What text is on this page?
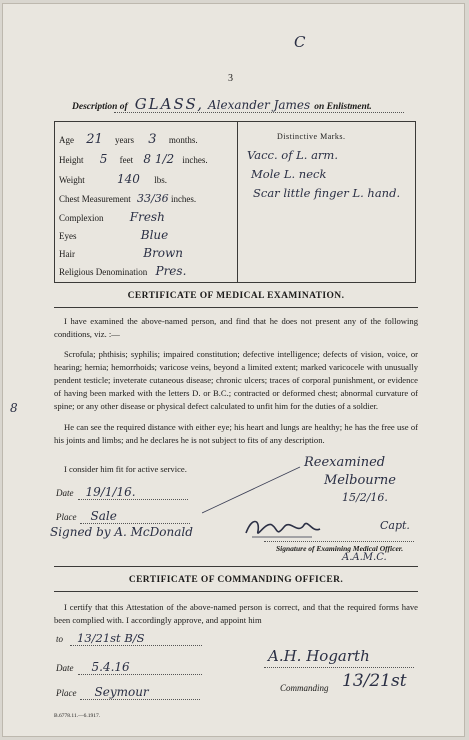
C
3
Description of GLASS, Alexander James on Enlistment.
Age 21 years 3 months.
Height 5 feet 8 1/2 inches.
Weight	140 lbs.
Chest Measurement 33/36 inches.
Complexion Fresh
Eyes	Blue
Hair	Brown
Religious Denomination Pres.
Distinctive Marks.
Vacc. of L. arm.
Mole L. neck
Scar little finger L. hand.
CERTIFICATE OF MEDICAL EXAMINATION.
I have examined the above-named person, and find that he does not present any of the following conditions, viz. :—
Scrofula; phthisis; syphilis; impaired constitution; defective intelligence; defects of vision, voice, or hearing; hernia; hemorrhoids; varicose veins, beyond a limited extent; marked varicocele with unusually pendent testicle; inveterate cutaneous disease; chronic ulcers; traces of corporal punishment, or evidence of having been marked with the letters D. or B.C.; contracted or deformed chest; abnormal curvature of spine; or any other disease or physical defect calculated to unfit him for the duties of a soldier.
8
He can see the required distance with either eye; his heart and lungs are healthy; he has the free use of his joints and limbs; and he declares he is not subject to fits of any description.
I consider him fit for active service.	Reexamined
Melbourne
15/2/16.
Date 19/1/16.
Place Sale
Signed by A. McDonald	Capt.
Signature of Examining Medical Officer.
A.A.M.C.
CERTIFICATE OF COMMANDING OFFICER.
I certify that this Attestation of the above-named person is correct, and that the required forms have been complied with. I accordingly approve, and appoint him
to 13/21st B/S
Date 5.4.16
Place Seymour
A.H. Hogarth
Commanding 13/21st
B.6778.11.—6.1917.
